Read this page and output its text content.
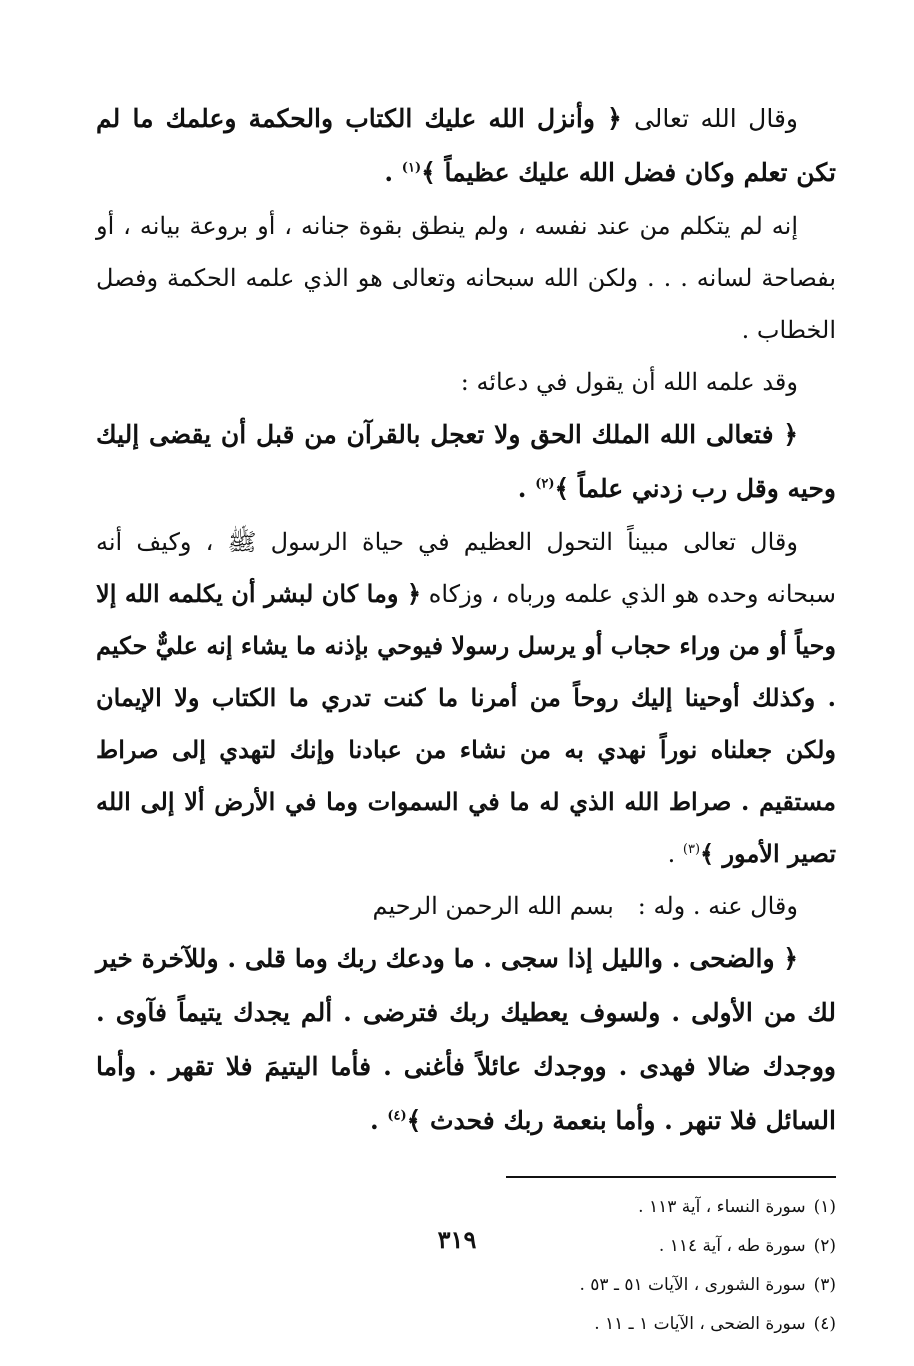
وقال الله تعالى ﴿ وأنزل الله عليك الكتاب والحكمة وعلمك ما لم تكن تعلم وكان فضل الله عليك عظيماً ﴾$^{(١)}$ .

إنه لم يتكلم من عند نفسه ، ولم ينطق بقوة جنانه ، أو بروعة بيانه ، أو بفصاحة لسانه . . . ولكن الله سبحانه وتعالى هو الذي علمه الحكمة وفصل الخطاب .

وقد علمه الله أن يقول في دعائه :

﴿ فتعالى الله الملك الحق ولا تعجل بالقرآن من قبل أن يقضى إليك وحيه وقل رب زدني علماً ﴾$^{(٢)}$ .

وقال تعالى مبيناً التحول العظيم في حياة الرسول ﷺ ، وكيف أنه سبحانه وحده هو الذي علمه ورباه ، وزكاه ﴿ وما كان لبشر أن يكلمه الله إلا وحياً أو من وراء حجاب أو يرسل رسولا فيوحي بإذنه ما يشاء إنه عليٌّ حكيم . وكذلك أوحينا إليك روحاً من أمرنا ما كنت تدري ما الكتاب ولا الإيمان ولكن جعلناه نوراً نهدي به من نشاء من عبادنا وإنك لتهدي إلى صراط مستقيم . صراط الله الذي له ما في السموات وما في الأرض ألا إلى الله تصير الأمور ﴾$^{(٣)}$ .

وقال عنه . وله :بسم الله الرحمن الرحيم

﴿ والضحى . والليل إذا سجى . ما ودعك ربك وما قلى . وللآخرة خير لك من الأولى . ولسوف يعطيك ربك فترضى . ألم يجدك يتيماً فآوى . ووجدك ضالا فهدى . ووجدك عائلاً فأغنى . فأما اليتيمَ فلا تقهر . وأما السائل فلا تنهر . وأما بنعمة ربك فحدث ﴾$^{(٤)}$ .

(١)سورة النساء ، آية ١١٣ .
(٢)سورة طه ، آية ١١٤ .
(٣)سورة الشورى ، الآيات ٥١ ـ ٥٣ .
(٤)سورة الضحى ، الآيات ١ ـ ١١ .
٣١٩
